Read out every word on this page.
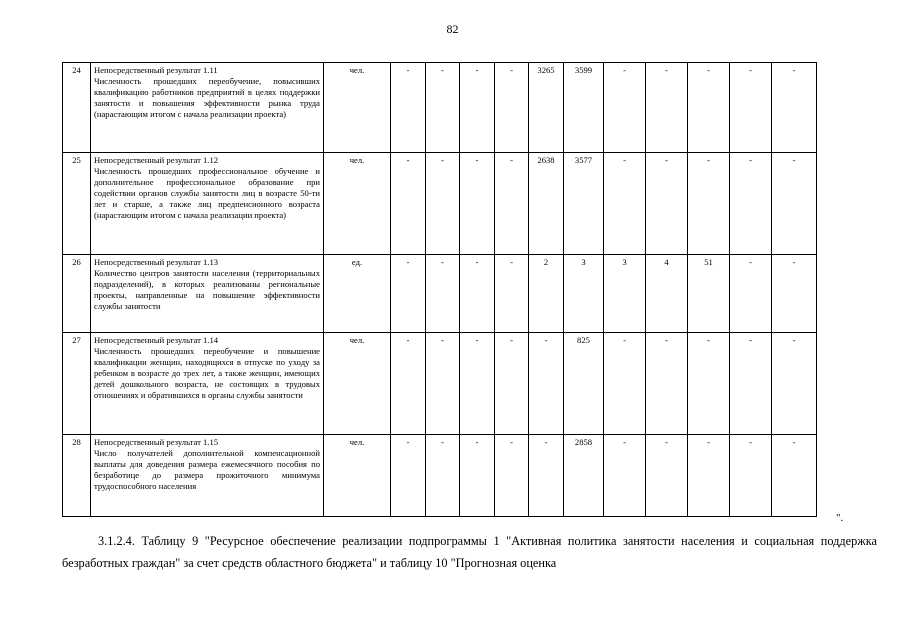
82
24	Непосредственный результат 1.11
Численность прошедших переобучение, повысивших квалификацию работников предприятий в целях поддержки занятости и повышения эффективности рынка труда (нарастающим итогом с начала реализации проекта)	чел.	-	-	-	-	3265	3599	-	-	-	-	-
25	Непосредственный результат 1.12
Численность прошедших профессиональное обучение и дополнительное профессиональное образование при содействии органов службы занятости лиц в возрасте 50-ти лет и старше, а также лиц предпенсионного возраста (нарастающим итогом с начала реализации проекта)	чел.	-	-	-	-	2638	3577	-	-	-	-	-
26	Непосредственный результат 1.13
Количество центров занятости населения (территориальных подразделений), в которых реализованы региональные проекты, направленные на повышение эффективности службы занятости	ед.	-	-	-	-	2	3	3	4	51	-	-
27	Непосредственный результат 1.14
Численность прошедших переобучение и повышение квалификации женщин, находящихся в отпуске по уходу за ребенком в возрасте до трех лет, а также женщин, имеющих детей дошкольного возраста, не состоящих в трудовых отношениях и обратившихся в органы службы занятости	чел.	-	-	-	-	-	825	-	-	-	-	-
28	Непосредственный результат 1.15
Число получателей дополнительной компенсационной выплаты для доведения размера ежемесячного пособия по безработице до размера прожиточного минимума трудоспособного населения	чел.	-	-	-	-	-	2858	-	-	-	-	-
".
3.1.2.4. Таблицу 9 "Ресурсное обеспечение реализации подпрограммы 1 "Активная политика занятости населения и социальная поддержка безработных граждан" за счет средств областного бюджета" и таблицу 10 "Прогнозная оценка
